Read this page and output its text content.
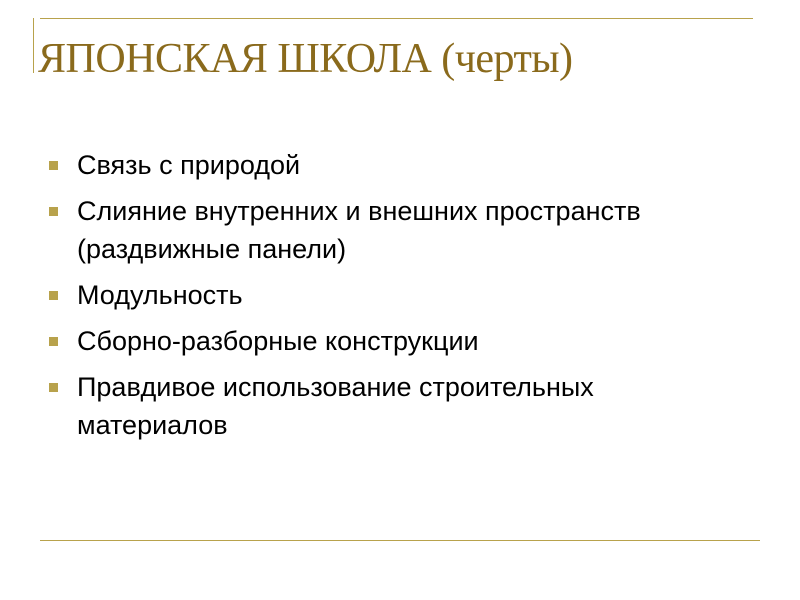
ЯПОНСКАЯ ШКОЛА (черты)
Связь с природой
Слияние внутренних и внешних пространств (раздвижные панели)
Модульность
Сборно-разборные конструкции
Правдивое использование строительных материалов
